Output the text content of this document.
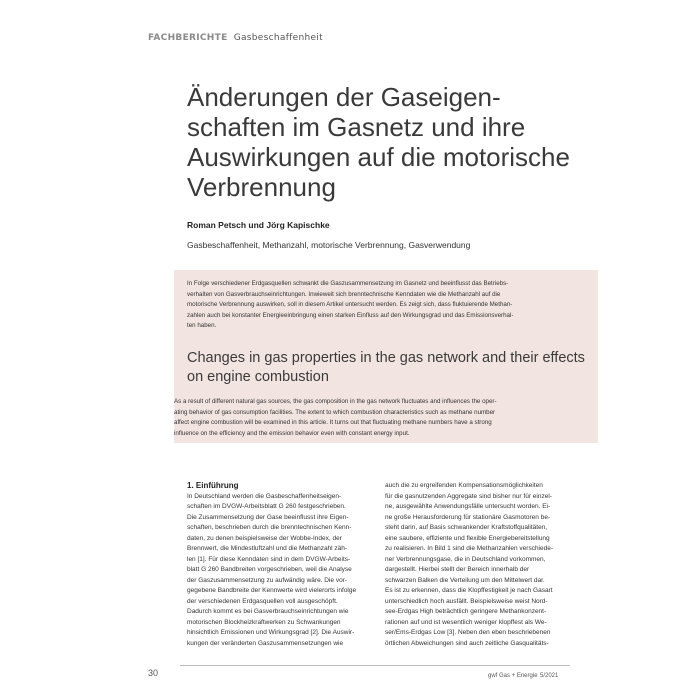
FACHBERICHTE Gasbeschaffenheit
Änderungen der Gaseigen-
schaften im Gasnetz und ihre
Auswirkungen auf die motorische
Verbrennung
Roman Petsch und Jörg Kapischke
Gasbeschaffenheit, Methanzahl, motorische Verbrennung, Gasverwendung
In Folge verschiedener Erdgasquellen schwankt die Gaszusammensetzung im Gasnetz und beeinflusst das Betriebs-
verhalten von Gasverbrauchseinrichtungen. Inwieweit sich brenntechnische Kenndaten wie die Methanzahl auf die
motorische Verbrennung auswirken, soll in diesem Artikel untersucht werden. Es zeigt sich, dass fluktuierende Methan-
zahlen auch bei konstanter Energieeinbringung einen starken Einfluss auf den Wirkungsgrad und das Emissionsverhal-
ten haben.
Changes in gas properties in the gas network and their effects
on engine combustion
As a result of different natural gas sources, the gas composition in the gas network fluctuates and influences the oper-
ating behavior of gas consumption facilities. The extent to which combustion characteristics such as methane number
affect engine combustion will be examined in this article. It turns out that fluctuating methane numbers have a strong
influence on the efficiency and the emission behavior even with constant energy input.
1. Einführung
In Deutschland werden die Gasbeschaffenheitseigen-
schaften im DVGW-Arbeitsblatt G 260 festgeschrieben.
Die Zusammensetzung der Gase beeinflusst ihre Eigen-
schaften, beschrieben durch die brenntechnischen Kenn-
daten, zu denen beispielsweise der Wobbe-Index, der
Brennwert, die Mindestluftzahl und die Methanzahl zäh-
len [1]. Für diese Kenndaten sind in dem DVGW-Arbeits-
blatt G 260 Bandbreiten vorgeschrieben, weil die Analyse
der Gaszusammensetzung zu aufwändig wäre. Die vor-
gegebene Bandbreite der Kennwerte wird vielerorts infolge
der verschiedenen Erdgasquellen voll ausgeschöpft.
Dadurch kommt es bei Gasverbrauchseinrichtungen wie
motorischen Blockheizkraftwerken zu Schwankungen
hinsichtlich Emissionen und Wirkungsgrad [2]. Die Auswir-
kungen der veränderten Gaszusammensetzungen wie
auch die zu ergreifenden Kompensationsmöglichkeiten
für die gasnutzenden Aggregate sind bisher nur für einzel-
ne, ausgewählte Anwendungsfälle untersucht worden. Ei-
ne große Herausforderung für stationäre Gasmotoren be-
steht darin, auf Basis schwankender Kraftstoffqualitäten,
eine saubere, effiziente und flexible Energiebereitstellung
zu realisieren. In Bild 1 sind die Methanzahlen verschiede-
ner Verbrennungsgase, die in Deutschland vorkommen,
dargestellt. Hierbei stellt der Bereich innerhalb der
schwarzen Balken die Verteilung um den Mittelwert dar.
Es ist zu erkennen, dass die Klopffestigkeit je nach Gasart
unterschiedlich hoch ausfällt. Beispielsweise weist Nord-
see-Erdgas High beträchtlich geringere Methankonzent-
rationen auf und ist wesentlich weniger klopffest als We-
ser/Ems-Erdgas Low [3]. Neben den eben beschriebenen
örtlichen Abweichungen sind auch zeitliche Gasqualitäts-
30	gwf Gas + Energie 5/2021
